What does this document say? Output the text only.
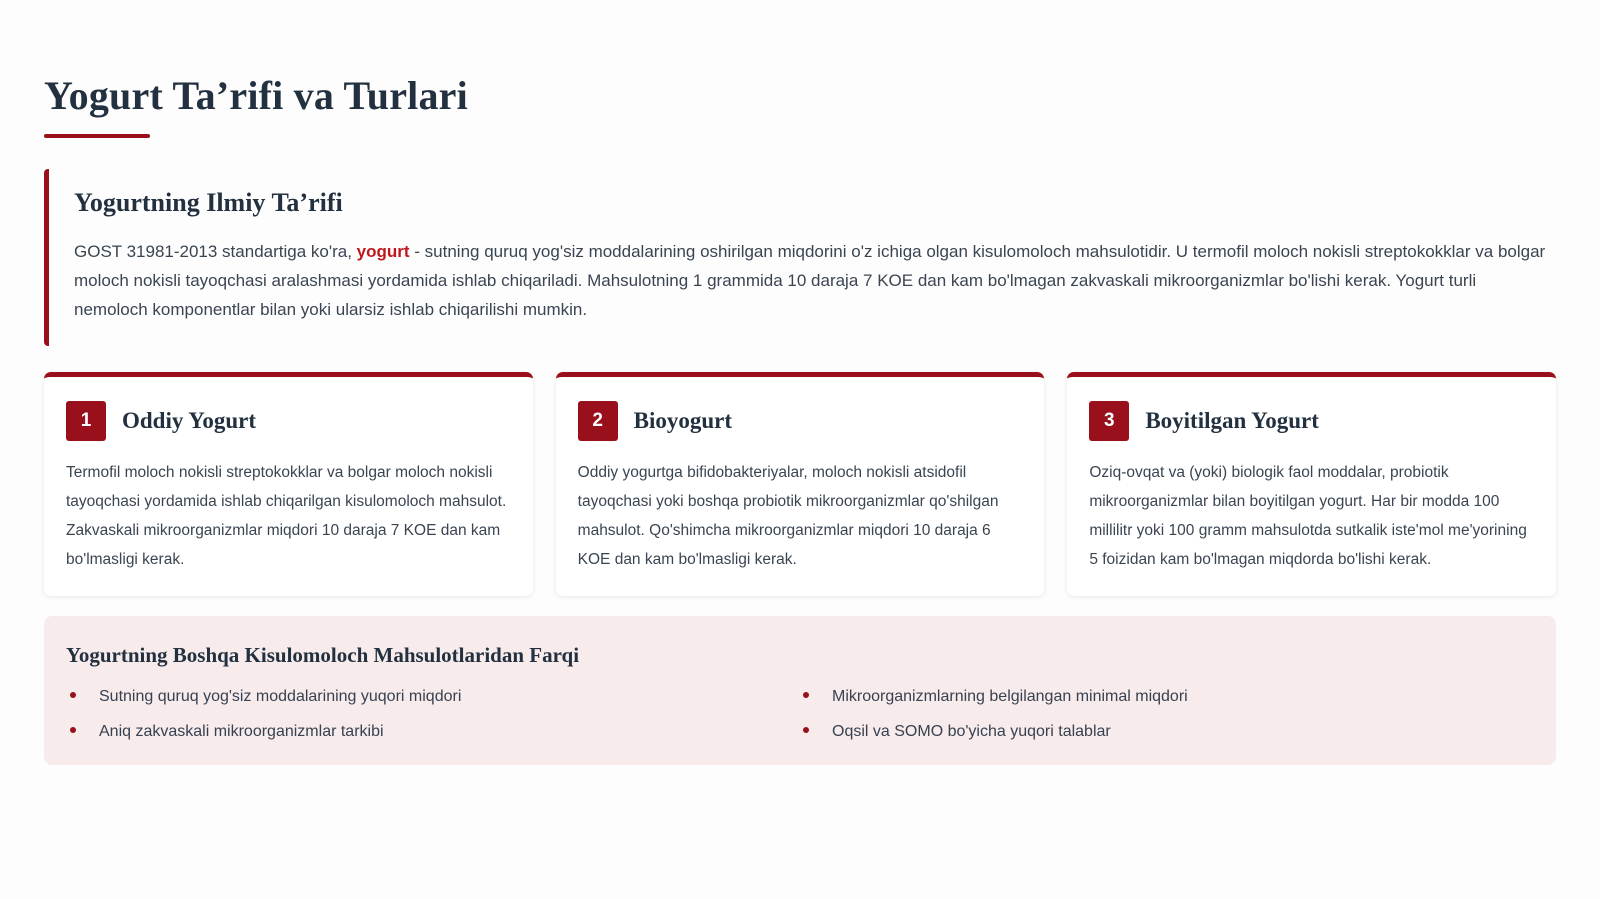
Yogurt Ta’rifi va Turlari
Yogurtning Ilmiy Ta’rifi

GOST 31981-2013 standartiga ko'ra, yogurt - sutning quruq yog'siz moddalarining oshirilgan miqdorini o'z ichiga olgan kisulomoloch mahsulotidir. U termofil moloch nokisli streptokokklar va bolgar moloch nokisli tayoqchasi aralashmasi yordamida ishlab chiqariladi. Mahsulotning 1 grammida 10 daraja 7 KOE dan kam bo'lmagan zakvaskali mikroorganizmlar bo'lishi kerak. Yogurt turli nemoloch komponentlar bilan yoki ularsiz ishlab chiqarilishi mumkin.

1	Oddiy Yogurt

Termofil moloch nokisli streptokokklar va bolgar moloch nokisli tayoqchasi yordamida ishlab chiqarilgan kisulomoloch mahsulot. Zakvaskali mikroorganizmlar miqdori 10 daraja 7 KOE dan kam bo'lmasligi kerak.

2	Bioyogurt

Oddiy yogurtga bifidobakteriyalar, moloch nokisli atsidofil tayoqchasi yoki boshqa probiotik mikroorganizmlar qo'shilgan mahsulot. Qo'shimcha mikroorganizmlar miqdori 10 daraja 6 KOE dan kam bo'lmasligi kerak.

3	Boyitilgan Yogurt

Oziq-ovqat va (yoki) biologik faol moddalar, probiotik mikroorganizmlar bilan boyitilgan yogurt. Har bir modda 100 millilitr yoki 100 gramm mahsulotda sutkalik iste'mol me'yorining 5 foizidan kam bo'lmagan miqdorda bo'lishi kerak.

Yogurtning Boshqa Kisulomoloch Mahsulotlaridan Farqi
Sutning quruq yog'siz moddalarining yuqori miqdori
Aniq zakvaskali mikroorganizmlar tarkibi
Mikroorganizmlarning belgilangan minimal miqdori
Oqsil va SOMO bo'yicha yuqori talablar
